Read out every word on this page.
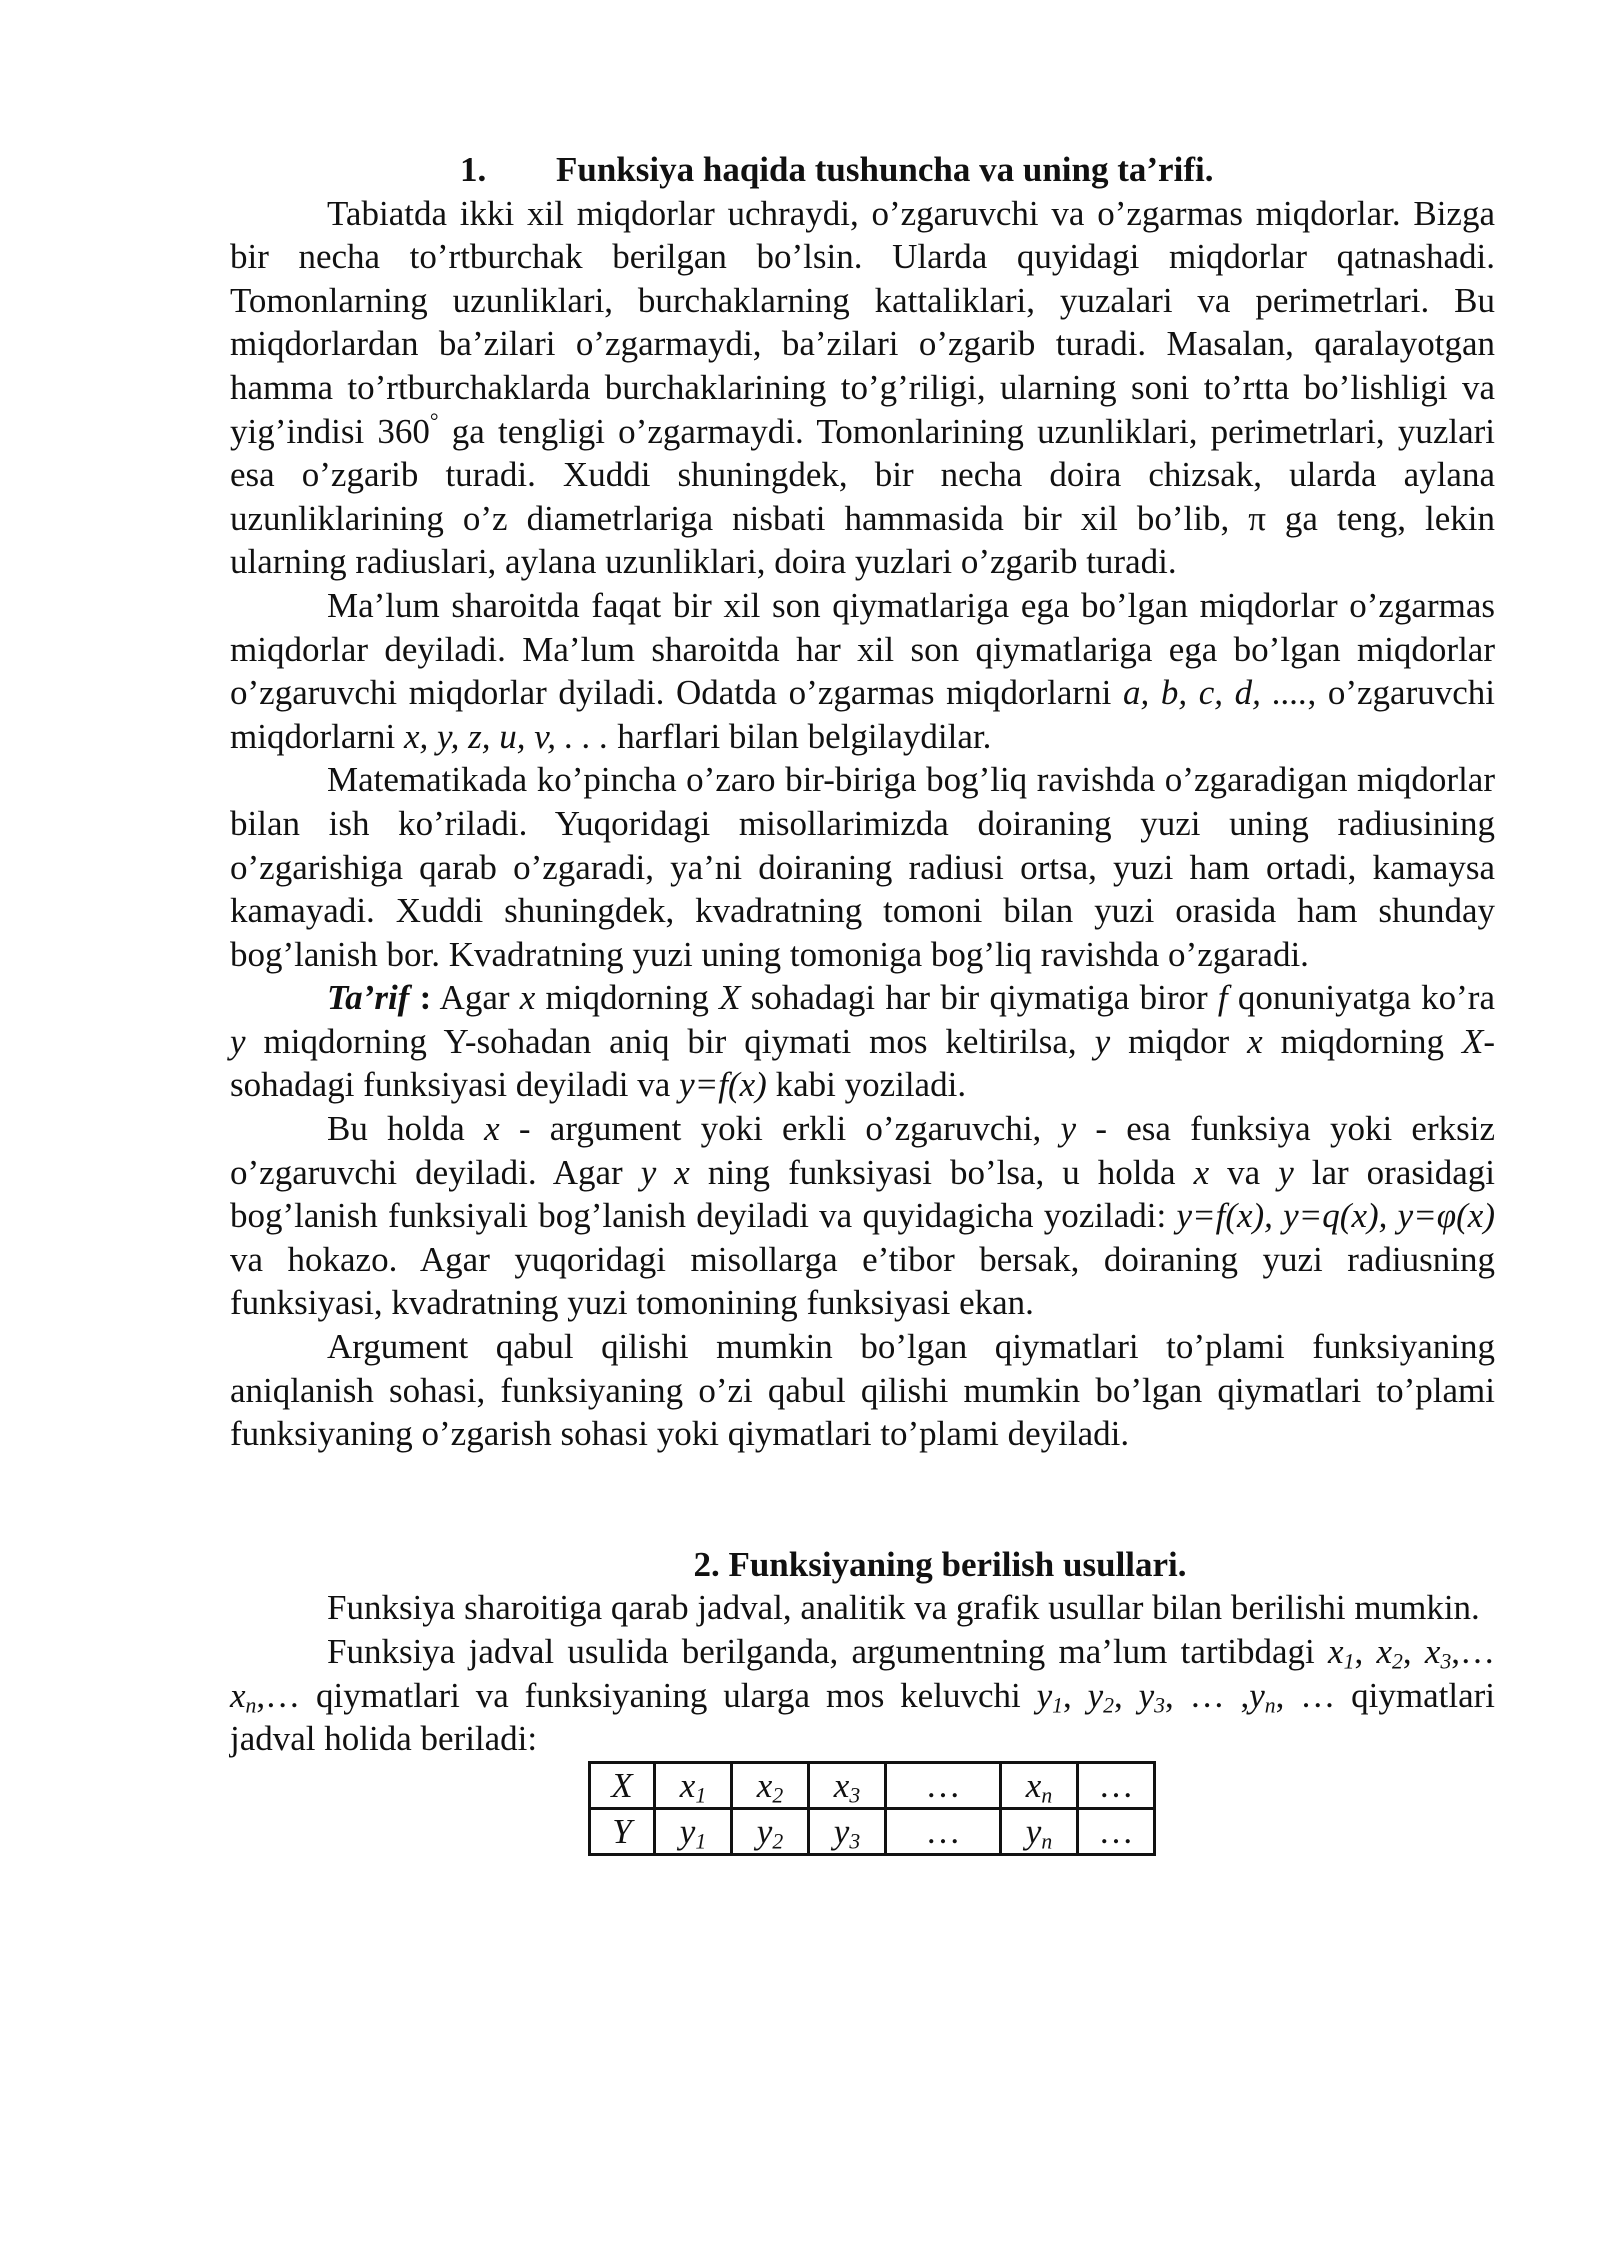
1. Funksiya haqida tushuncha va uning ta’rifi.

Tabiatda ikki xil miqdorlar uchraydi, o’zgaruvchi va o’zgarmas miqdorlar. Bizga bir necha to’rtburchak berilgan bo’lsin. Ularda quyidagi miqdorlar qatnashadi. Tomonlarning uzunliklari, burchaklarning kattaliklari, yuzalari va perimetrlari. Bu miqdorlardan ba’zilari o’zgarmaydi, ba’zilari o’zgarib turadi. Masalan, qaralayotgan hamma to’rtburchaklarda burchaklarining to’g’riligi, ularning soni to’rtta bo’lishligi va yig’indisi 360° ga tengligi o’zgarmaydi. Tomonlarining uzunliklari, perimetrlari, yuzlari esa o’zgarib turadi. Xuddi shuningdek, bir necha doira chizsak, ularda aylana uzunliklarining o’z diametrlariga nisbati hammasida bir xil bo’lib, π ga teng, lekin ularning radiuslari, aylana uzunliklari, doira yuzlari o’zgarib turadi.

Ma’lum sharoitda faqat bir xil son qiymatlariga ega bo’lgan miqdorlar o’zgarmas miqdorlar deyiladi. Ma’lum sharoitda har xil son qiymatlariga ega bo’lgan miqdorlar o’zgaruvchi miqdorlar dyiladi. Odatda o’zgarmas miqdorlarni a, b, c, d, ...., o’zgaruvchi miqdorlarni x, y, z, u, v, . . . harflari bilan belgilaydilar.

Matematikada ko’pincha o’zaro bir-biriga bog’liq ravishda o’zgaradigan miqdorlar bilan ish ko’riladi. Yuqoridagi misollarimizda doiraning yuzi uning radiusining o’zgarishiga qarab o’zgaradi, ya’ni doiraning radiusi ortsa, yuzi ham ortadi, kamaysa kamayadi. Xuddi shuningdek, kvadratning tomoni bilan yuzi orasida ham shunday bog’lanish bor. Kvadratning yuzi uning tomoniga bog’liq ravishda o’zgaradi.

Ta’rif : Agar x miqdorning X sohadagi har bir qiymatiga biror f qonuniyatga ko’ra y miqdorning Y-sohadan aniq bir qiymati mos keltirilsa, y miqdor x miqdorning X-sohadagi funksiyasi deyiladi va y=f(x) kabi yoziladi.

Bu holda x - argument yoki erkli o’zgaruvchi, y - esa funksiya yoki erksiz o’zgaruvchi deyiladi. Agar y x ning funksiyasi bo’lsa, u holda x va y lar orasidagi bog’lanish funksiyali bog’lanish deyiladi va quyidagicha yoziladi: y=f(x), y=q(x), y=φ(x) va hokazo. Agar yuqoridagi misollarga e’tibor bersak, doiraning yuzi radiusning funksiyasi, kvadratning yuzi tomonining funksiyasi ekan.

Argument qabul qilishi mumkin bo’lgan qiymatlari to’plami funksiyaning aniqlanish sohasi, funksiyaning o’zi qabul qilishi mumkin bo’lgan qiymatlari to’plami funksiyaning o’zgarish sohasi yoki qiymatlari to’plami deyiladi.

2. Funksiyaning berilish usullari.

Funksiya sharoitiga qarab jadval, analitik va grafik usullar bilan berilishi mumkin.

Funksiya jadval usulida berilganda, argumentning ma’lum tartibdagi $x_1$, $x_2$, $x_3,\dots$ $x_n,\dots$ qiymatlari va funksiyaning ularga mos keluvchi $y_1$, $y_2$, $y_3$, … $,y_n$, … qiymatlari jadval holida beriladi:

X	$x_1$	$x_2$	$x_3$	…	$x_n$	…
Y	$y_1$	$y_2$	$y_3$	…	$y_n$	…
